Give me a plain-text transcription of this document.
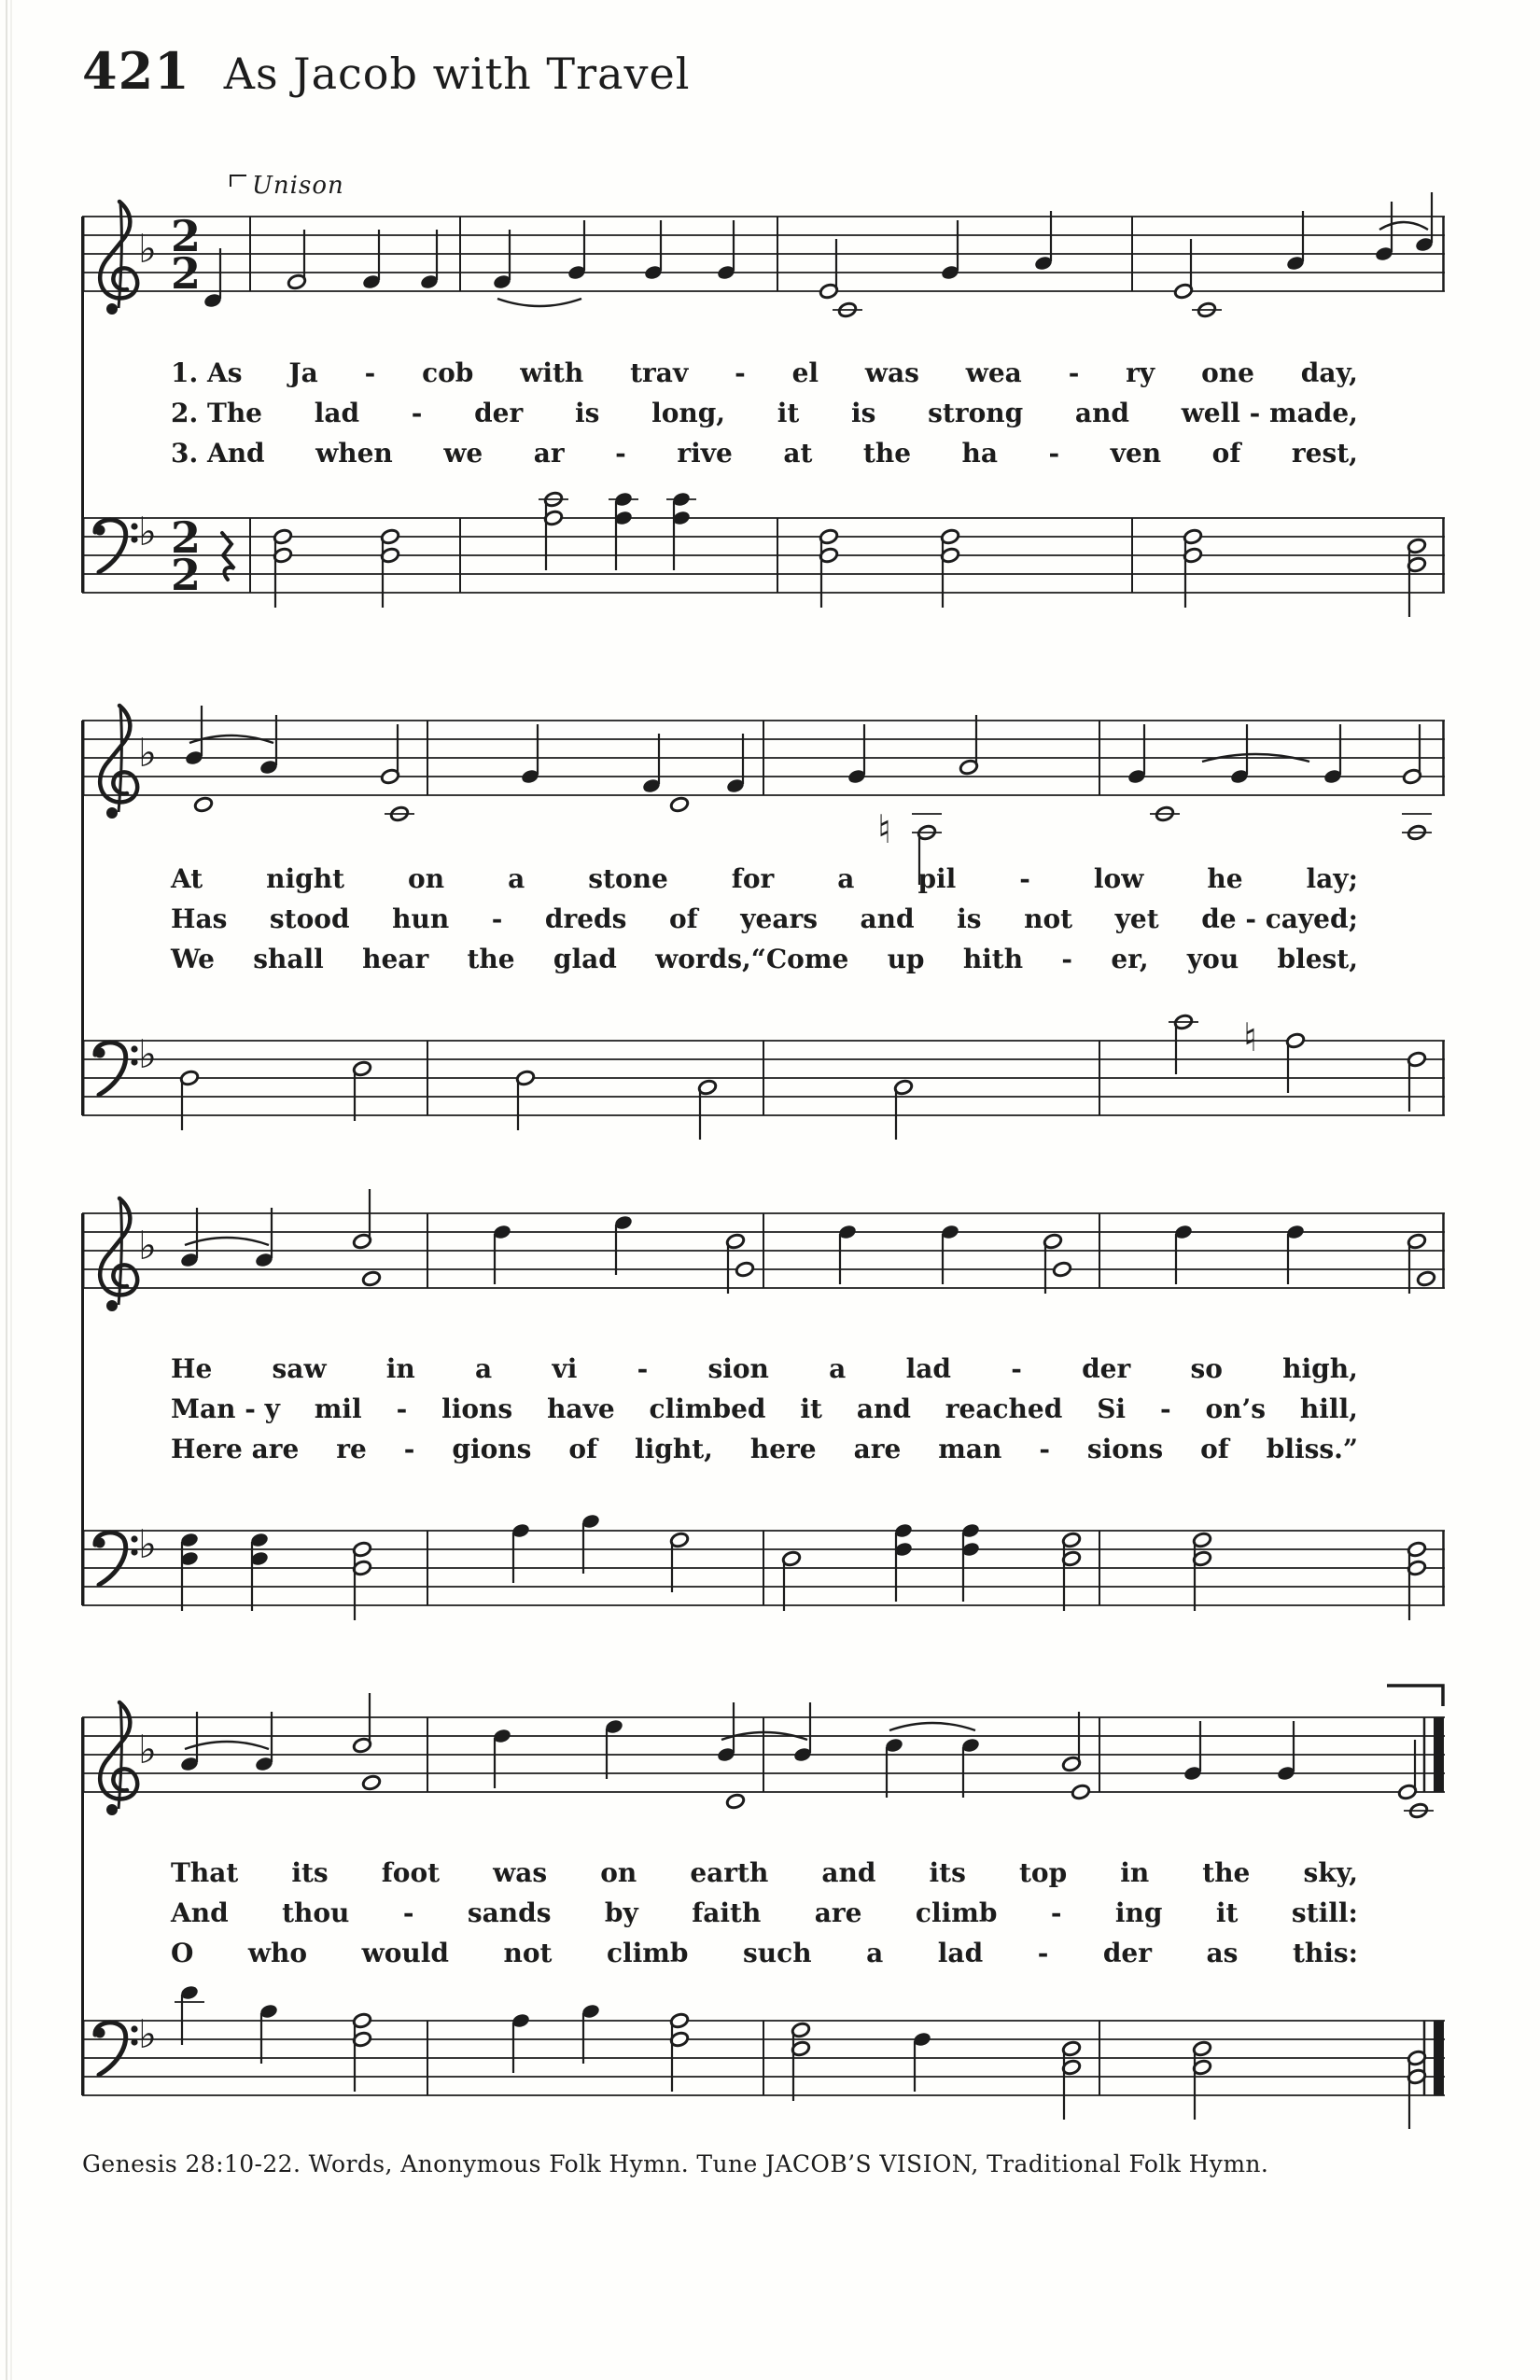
421 As Jacob with Travel
Unison
Genesis 28:10-22. Words, Anonymous Folk Hymn. Tune JACOB’S VISION, Traditional Folk Hymn.
♭ 2
2
♭ 2
2
1. As Ja - cob with trav - el was wea - ry one day,
2. The lad - der is long, it is strong and well - made,
3. And when we ar - rive at the ha - ven of rest,
♭
♮
♭	♮
At night on a stone for a pil - low he lay;
Has stood hun - dreds of years and is not yet de - cayed;
We shall hear the glad words,“Come up hith - er, you blest,
♭
♭
He saw in a vi - sion a lad - der so high,
Man - y mil - lions have climbed it and reached Si - on’s hill,
Here are re - gions of light, here are man - sions of bliss.”
♭
♭
That its foot was on earth and its top in the sky,
And thou - sands by faith are climb - ing it still:
O who would not climb such a lad - der as this:
